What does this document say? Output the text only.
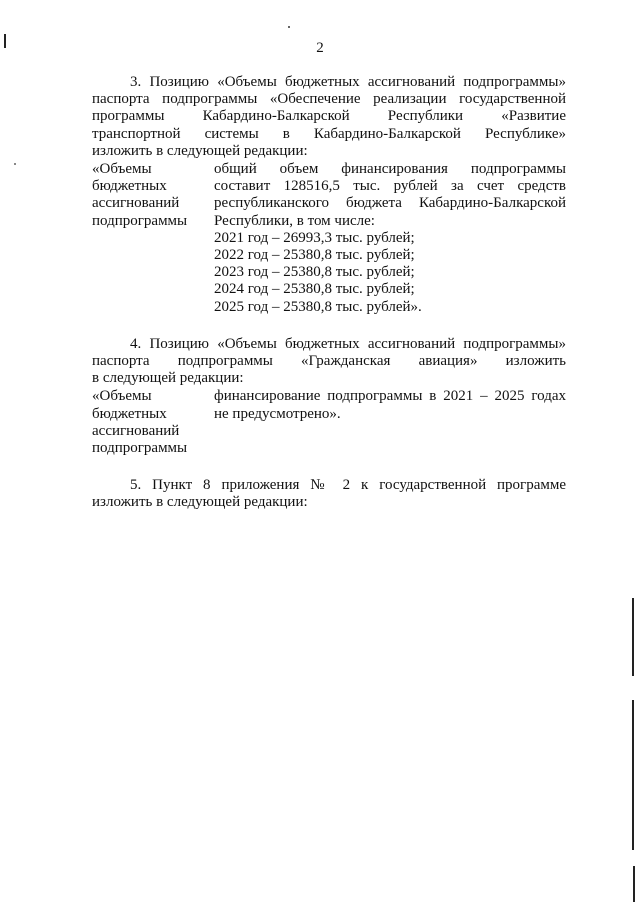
2
3. Позицию «Объемы бюджетных ассигнований подпрограммы»
паспорта подпрограммы «Обеспечение реализации государственной
программы Кабардино-Балкарской Республики «Развитие
транспортной системы в Кабардино-Балкарской Республике»
изложить в следующей редакции:
«Объемы
бюджетных
ассигнований
подпрограммы
общий объем финансирования подпрограммы
составит 128516,5 тыс. рублей за счет средств
республиканского бюджета Кабардино-Балкарской
Республики, в том числе:
2021 год – 26993,3 тыс. рублей;
2022 год – 25380,8 тыс. рублей;
2023 год – 25380,8 тыс. рублей;
2024 год – 25380,8 тыс. рублей;
2025 год – 25380,8 тыс. рублей».
4. Позицию «Объемы бюджетных ассигнований подпрограммы»
паспорта подпрограммы «Гражданская авиация» изложить
в следующей редакции:
«Объемы
бюджетных
ассигнований
подпрограммы
финансирование подпрограммы в 2021 – 2025 годах
не предусмотрено».
5. Пункт 8 приложения № 2 к государственной программе
изложить в следующей редакции:
